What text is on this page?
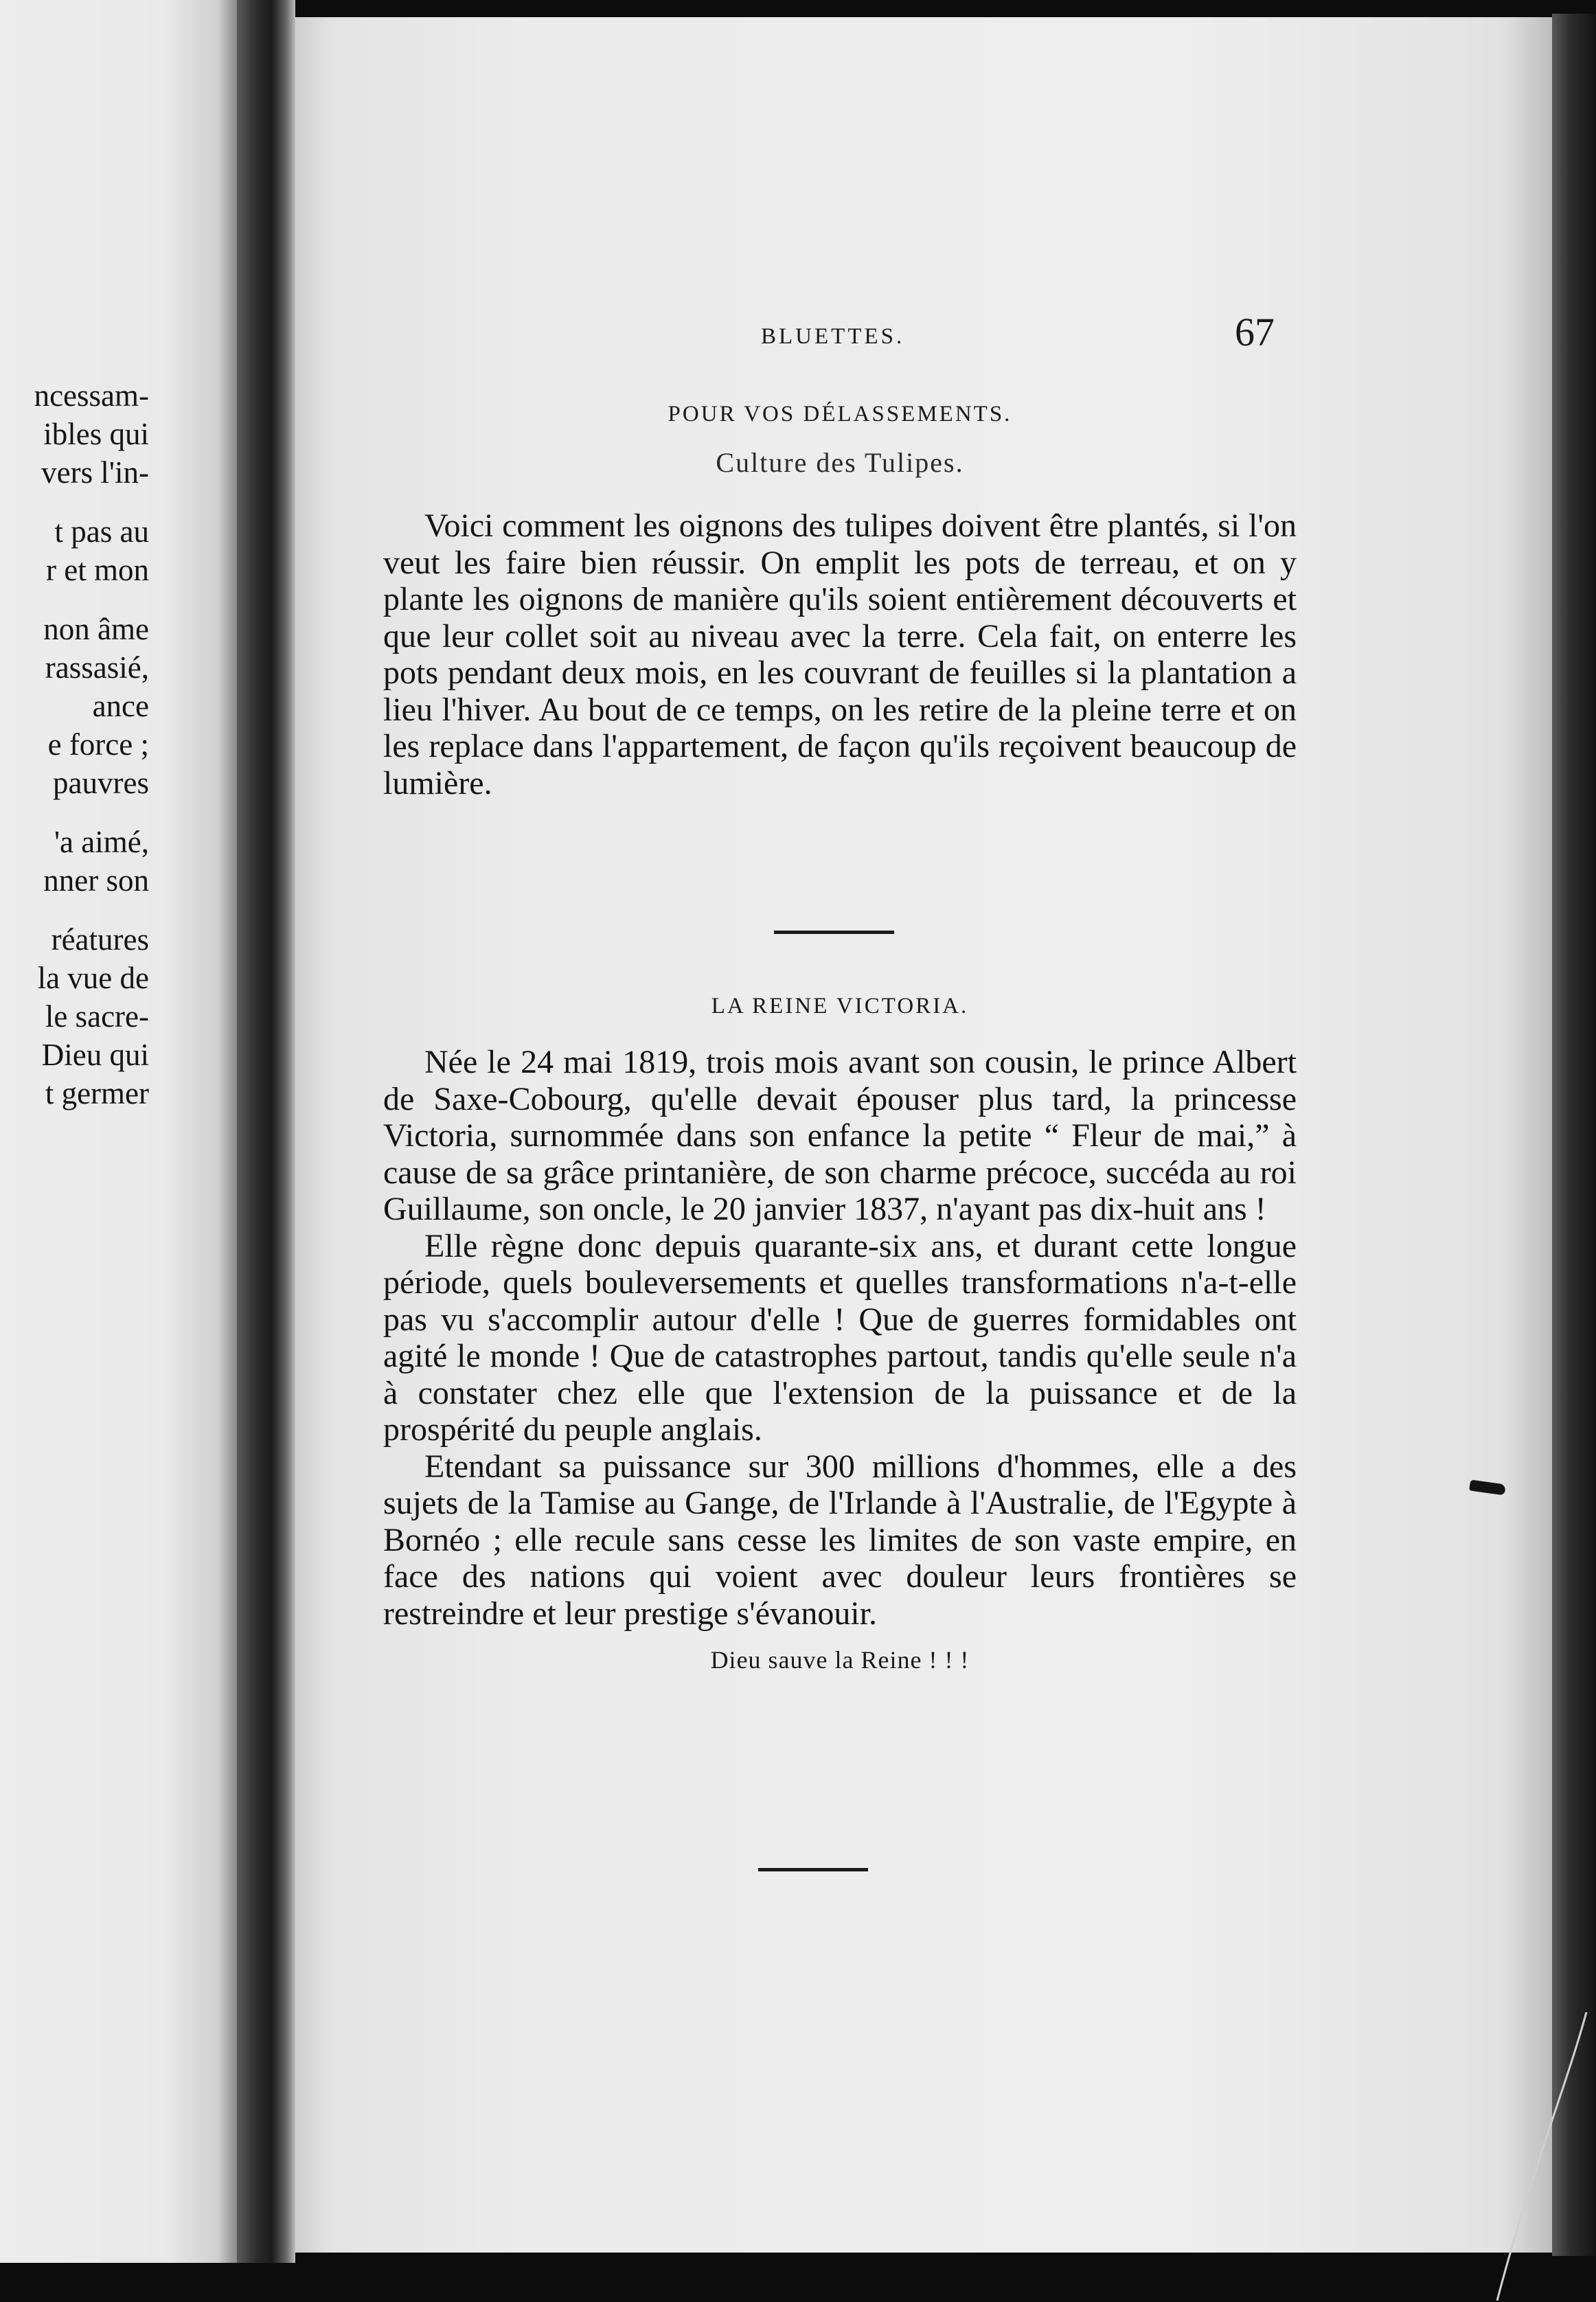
ncessam-
ibles qui
vers l'in-
t pas au
r et mon
non âme
rassasié,
ance
e force ;
pauvres
'a aimé,
nner son
réatures
la vue de
le sacre-
Dieu qui
t germer
BLUETTES.	67

POUR VOS DÉLASSEMENTS.

Culture des Tulipes.

Voici comment les oignons des tulipes doivent être plantés, si l'on veut les faire bien réussir. On emplit les pots de terreau, et on y plante les oignons de manière qu'ils soient entièrement découverts et que leur collet soit au niveau avec la terre. Cela fait, on enterre les pots pendant deux mois, en les couvrant de feuilles si la plantation a lieu l'hiver. Au bout de ce temps, on les retire de la pleine terre et on les replace dans l'appartement, de façon qu'ils reçoivent beaucoup de lumière.

LA REINE VICTORIA.

Née le 24 mai 1819, trois mois avant son cousin, le prince Albert de Saxe-Cobourg, qu'elle devait épouser plus tard, la princesse Victoria, surnommée dans son enfance la petite “ Fleur de mai,” à cause de sa grâce printanière, de son charme précoce, succéda au roi Guillaume, son oncle, le 20 janvier 1837, n'ayant pas dix-huit ans !

Elle règne donc depuis quarante-six ans, et durant cette longue période, quels bouleversements et quelles transformations n'a-t-elle pas vu s'accomplir autour d'elle ! Que de guerres formidables ont agité le monde ! Que de catastrophes partout, tandis qu'elle seule n'a à constater chez elle que l'extension de la puissance et de la prospérité du peuple anglais.

Etendant sa puissance sur 300 millions d'hommes, elle a des sujets de la Tamise au Gange, de l'Irlande à l'Australie, de l'Egypte à Bornéo ; elle recule sans cesse les limites de son vaste empire, en face des nations qui voient avec douleur leurs frontières se restreindre et leur prestige s'évanouir.

Dieu sauve la Reine ! ! !
